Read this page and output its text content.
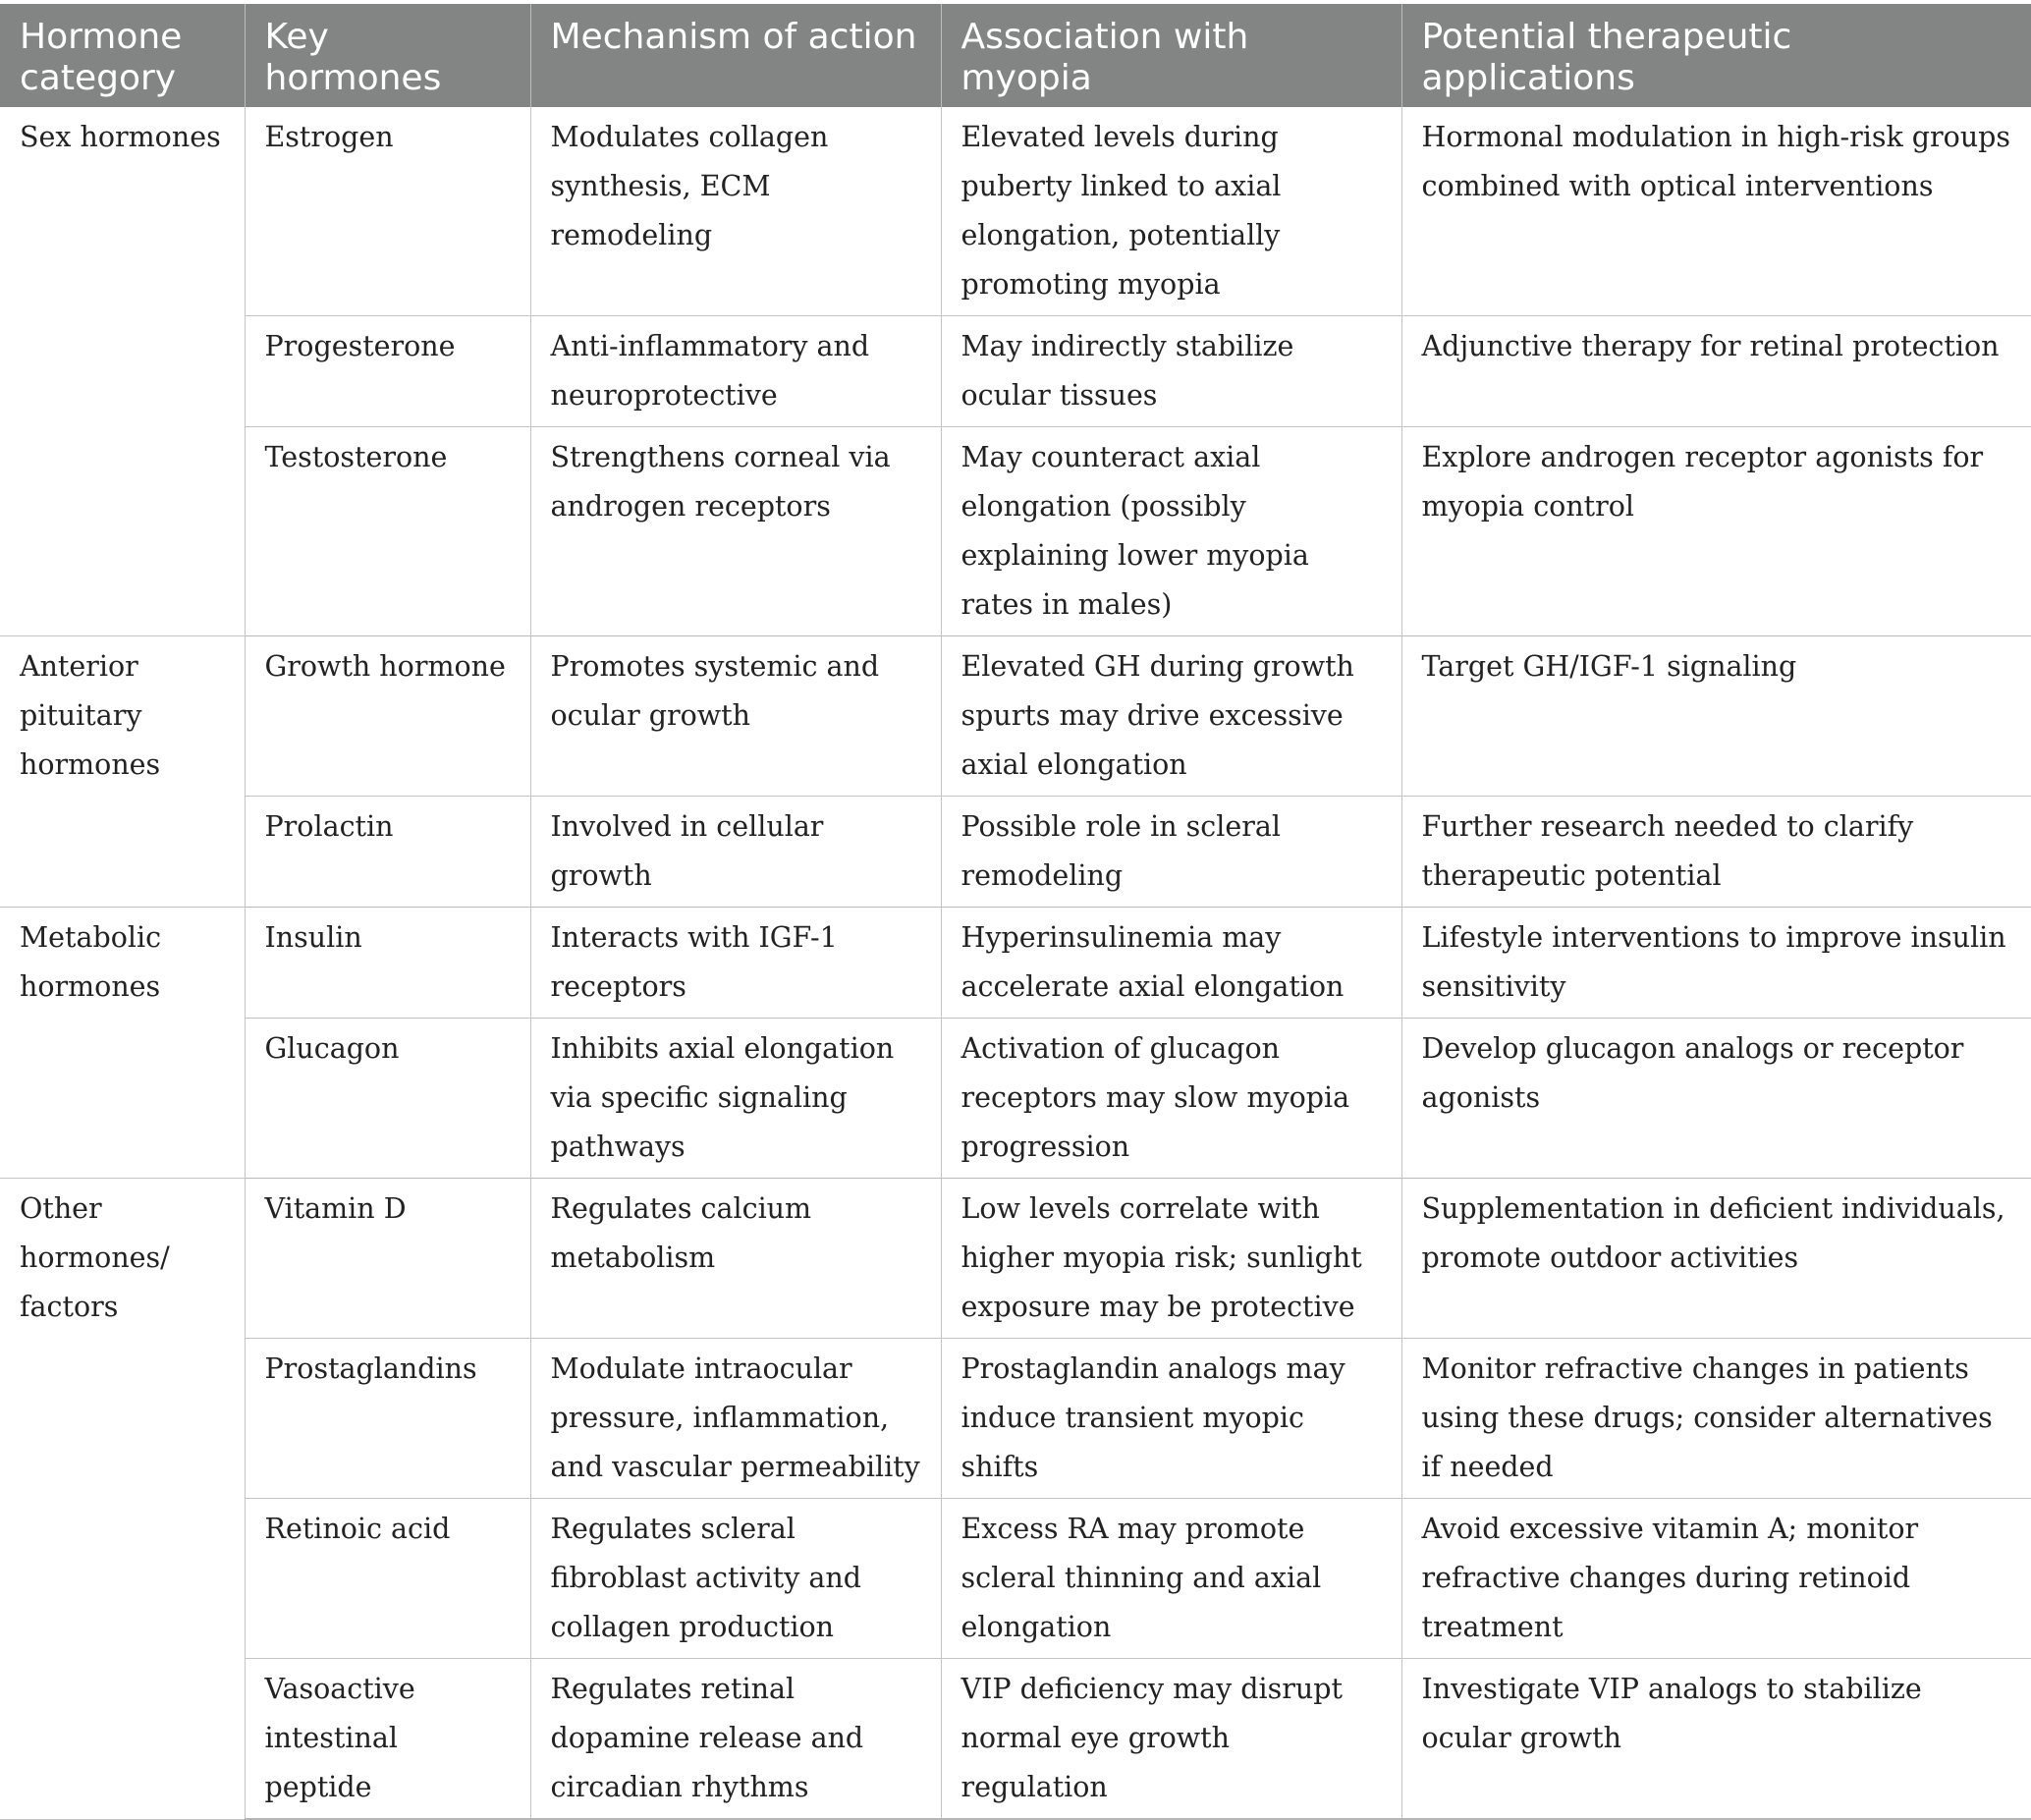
Hormone category	Key hormones	Mechanism of action	Association with myopia	Potential therapeutic applications
Sex hormones	Estrogen	Modulates collagen synthesis, ECM remodeling	Elevated levels during puberty linked to axial elongation, potentially promoting myopia	Hormonal modulation in high-risk groups combined with optical interventions
	Progesterone	Anti-inflammatory and neuroprotective	May indirectly stabilize ocular tissues	Adjunctive therapy for retinal protection
	Testosterone	Strengthens corneal via androgen receptors	May counteract axial elongation (possibly explaining lower myopia rates in males)	Explore androgen receptor agonists for myopia control
Anterior pituitary hormones	Growth hormone	Promotes systemic and ocular growth	Elevated GH during growth spurts may drive excessive axial elongation	Target GH/IGF-1 signaling
	Prolactin	Involved in cellular growth	Possible role in scleral remodeling	Further research needed to clarify therapeutic potential
Metabolic hormones	Insulin	Interacts with IGF-1 receptors	Hyperinsulinemia may accelerate axial elongation	Lifestyle interventions to improve insulin sensitivity
	Glucagon	Inhibits axial elongation via specific signaling pathways	Activation of glucagon receptors may slow myopia progression	Develop glucagon analogs or receptor agonists
Other hormones/ factors	Vitamin D	Regulates calcium metabolism	Low levels correlate with higher myopia risk; sunlight exposure may be protective	Supplementation in deficient individuals, promote outdoor activities
	Prostaglandins	Modulate intraocular pressure, inflammation, and vascular permeability	Prostaglandin analogs may induce transient myopic shifts	Monitor refractive changes in patients using these drugs; consider alternatives if needed
	Retinoic acid	Regulates scleral fibroblast activity and collagen production	Excess RA may promote scleral thinning and axial elongation	Avoid excessive vitamin A; monitor refractive changes during retinoid treatment
	Vasoactive intestinal peptide	Regulates retinal dopamine release and circadian rhythms	VIP deficiency may disrupt normal eye growth regulation	Investigate VIP analogs to stabilize ocular growth
